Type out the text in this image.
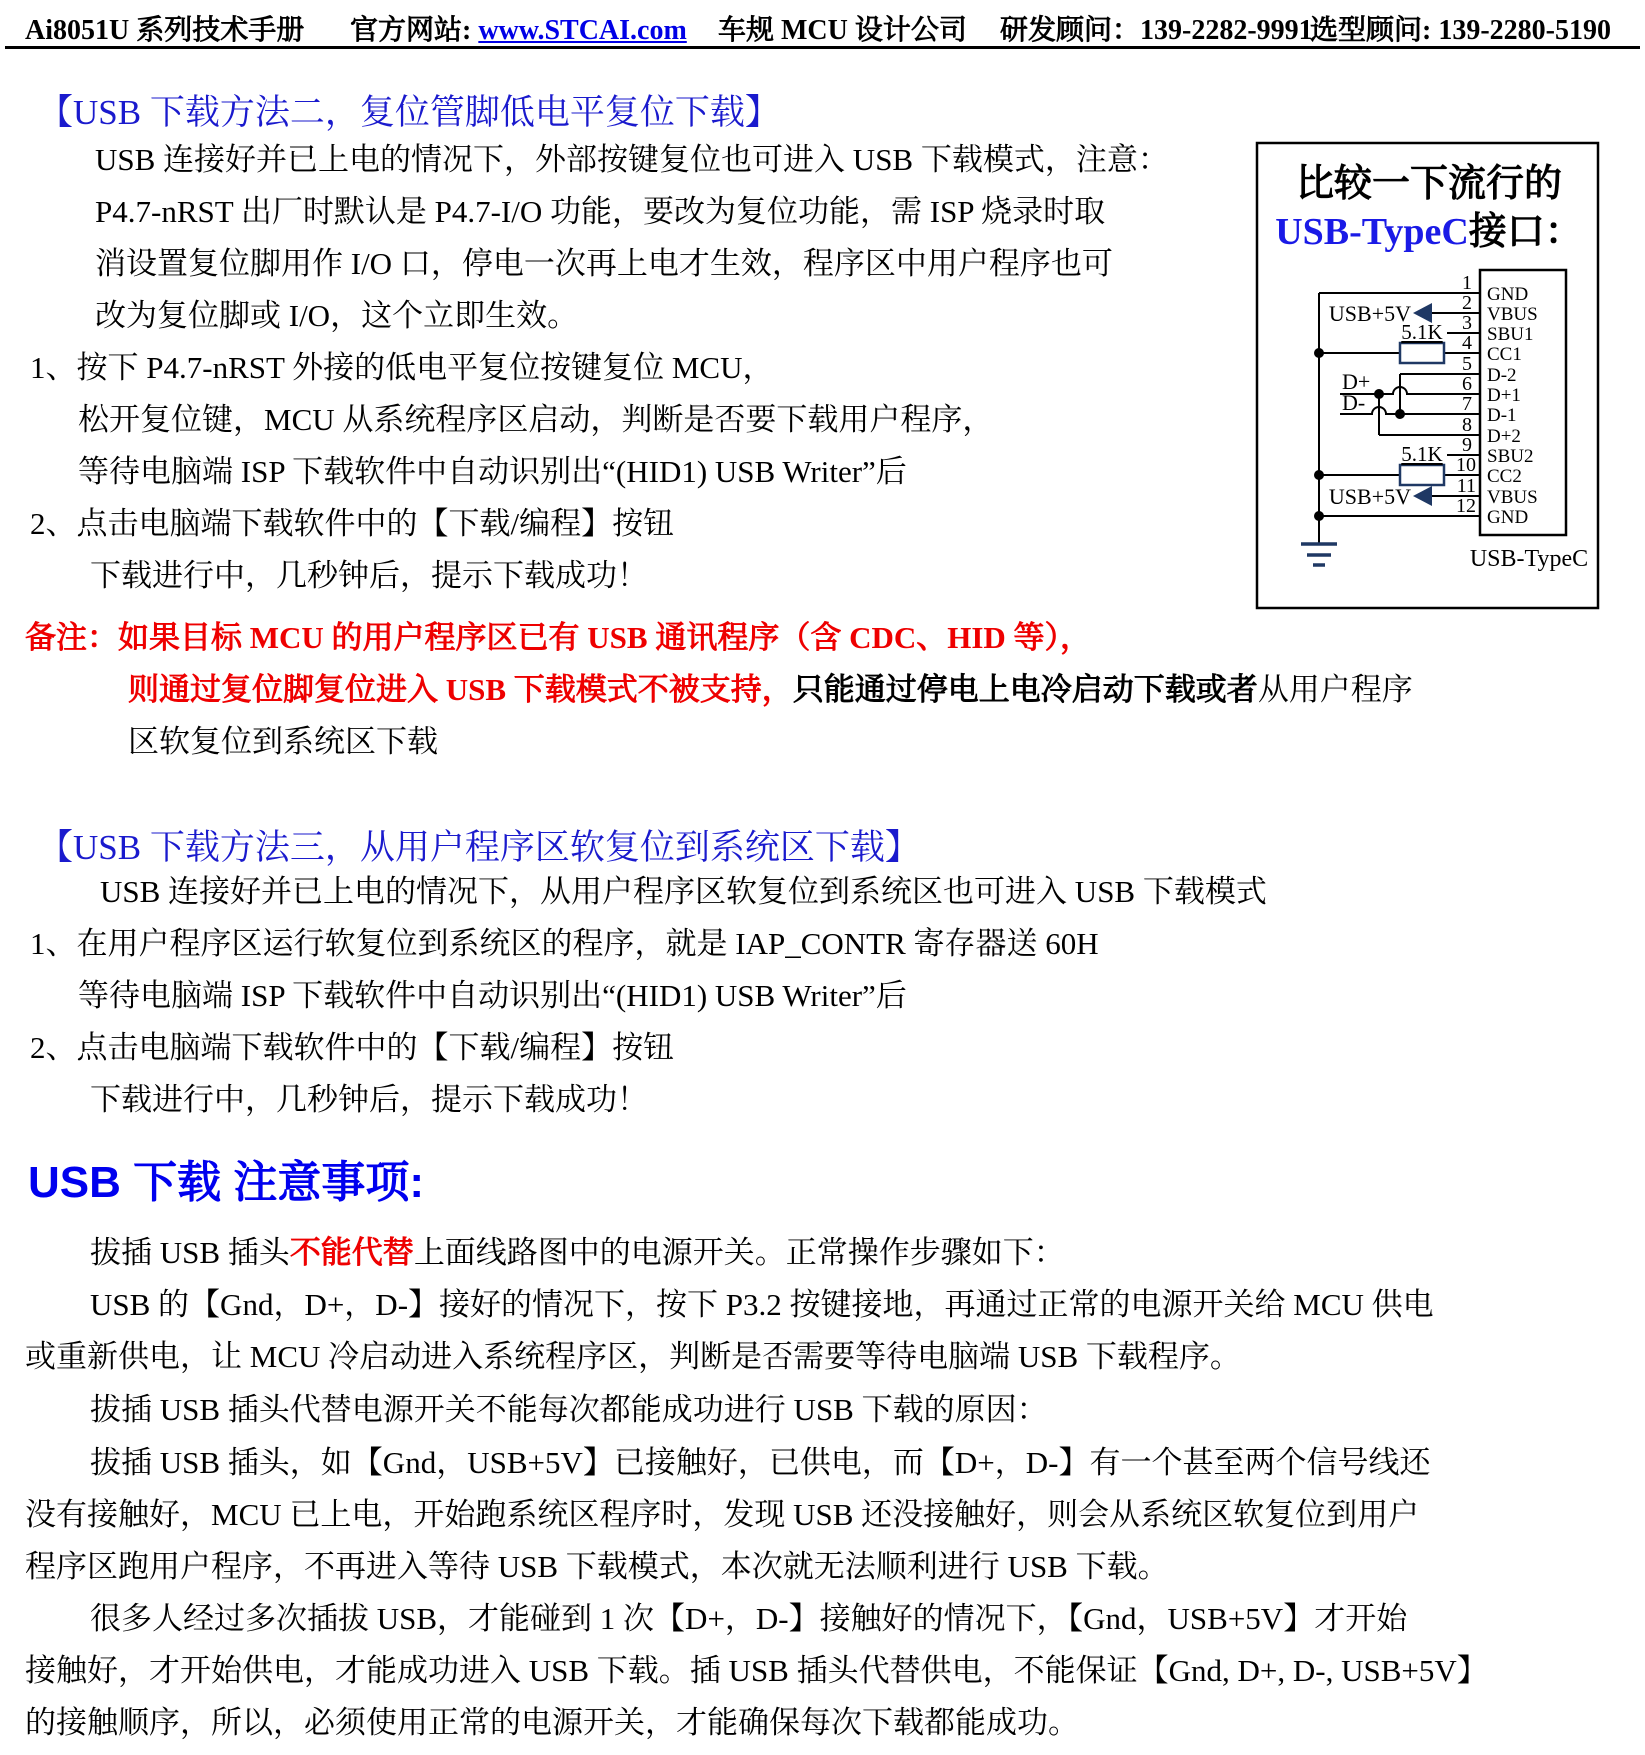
Ai8051U 系列技术手册 官方网站: www.STCAI.com 车规 MCU 设计公司 研发顾问：139-2282-9991
选型顾问: 139-2280-5190
【USB 下载方法二，复位管脚低电平复位下载】
USB 连接好并已上电的情况下，外部按键复位也可进入 USB 下载模式，注意：
P4.7-nRST 出厂时默认是 P4.7-I/O 功能，要改为复位功能，需 ISP 烧录时取
消设置复位脚用作 I/O 口，停电一次再上电才生效，程序区中用户程序也可
改为复位脚或 I/O，这个立即生效。
1、按下 P4.7-nRST 外接的低电平复位按键复位 MCU，
松开复位键，MCU 从系统程序区启动，判断是否要下载用户程序，
等待电脑端 ISP 下载软件中自动识别出“(HID1) USB Writer”后
2、点击电脑端下载软件中的【下载/编程】按钮
下载进行中，几秒钟后，提示下载成功！
备注：如果目标 MCU 的用户程序区已有 USB 通讯程序（含 CDC、HID 等），
则通过复位脚复位进入 USB 下载模式不被支持，只能通过停电上电冷启动下载或者从用户程序
区软复位到系统区下载
【USB 下载方法三，从用户程序区软复位到系统区下载】
USB 连接好并已上电的情况下，从用户程序区软复位到系统区也可进入 USB 下载模式
1、在用户程序区运行软复位到系统区的程序，就是 IAP_CONTR 寄存器送 60H
等待电脑端 ISP 下载软件中自动识别出“(HID1) USB Writer”后
2、点击电脑端下载软件中的【下载/编程】按钮
下载进行中，几秒钟后，提示下载成功！
USB 下载 注意事项:
拔插 USB 插头不能代替上面线路图中的电源开关。正常操作步骤如下：
USB 的【Gnd，D+，D-】接好的情况下，按下 P3.2 按键接地，再通过正常的电源开关给 MCU 供电
或重新供电，让 MCU 冷启动进入系统程序区，判断是否需要等待电脑端 USB 下载程序。
拔插 USB 插头代替电源开关不能每次都能成功进行 USB 下载的原因：
拔插 USB 插头，如【Gnd，USB+5V】已接触好，已供电，而【D+，D-】有一个甚至两个信号线还
没有接触好，MCU 已上电，开始跑系统区程序时，发现 USB 还没接触好，则会从系统区软复位到用户
程序区跑用户程序，不再进入等待 USB 下载模式，本次就无法顺利进行 USB 下载。
很多人经过多次插拔 USB，才能碰到 1 次【D+，D-】接触好的情况下，【Gnd，USB+5V】才开始
接触好，才开始供电，才能成功进入 USB 下载。插 USB 插头代替供电，不能保证【Gnd, D+, D-, USB+5V】
的接触顺序，所以，必须使用正常的电源开关，才能确保每次下载都能成功。
比较一下流行的
USB-TypeC接口：
5.1K
5.1K
USB+5V
USB+5V
D+
D-
1
2
3
4
5
6
7
8
9
10
11
12
GND
VBUS
SBU1
CC1
D-2
D+1
D-1
D+2
SBU2
CC2
VBUS
GND
USB-TypeC
